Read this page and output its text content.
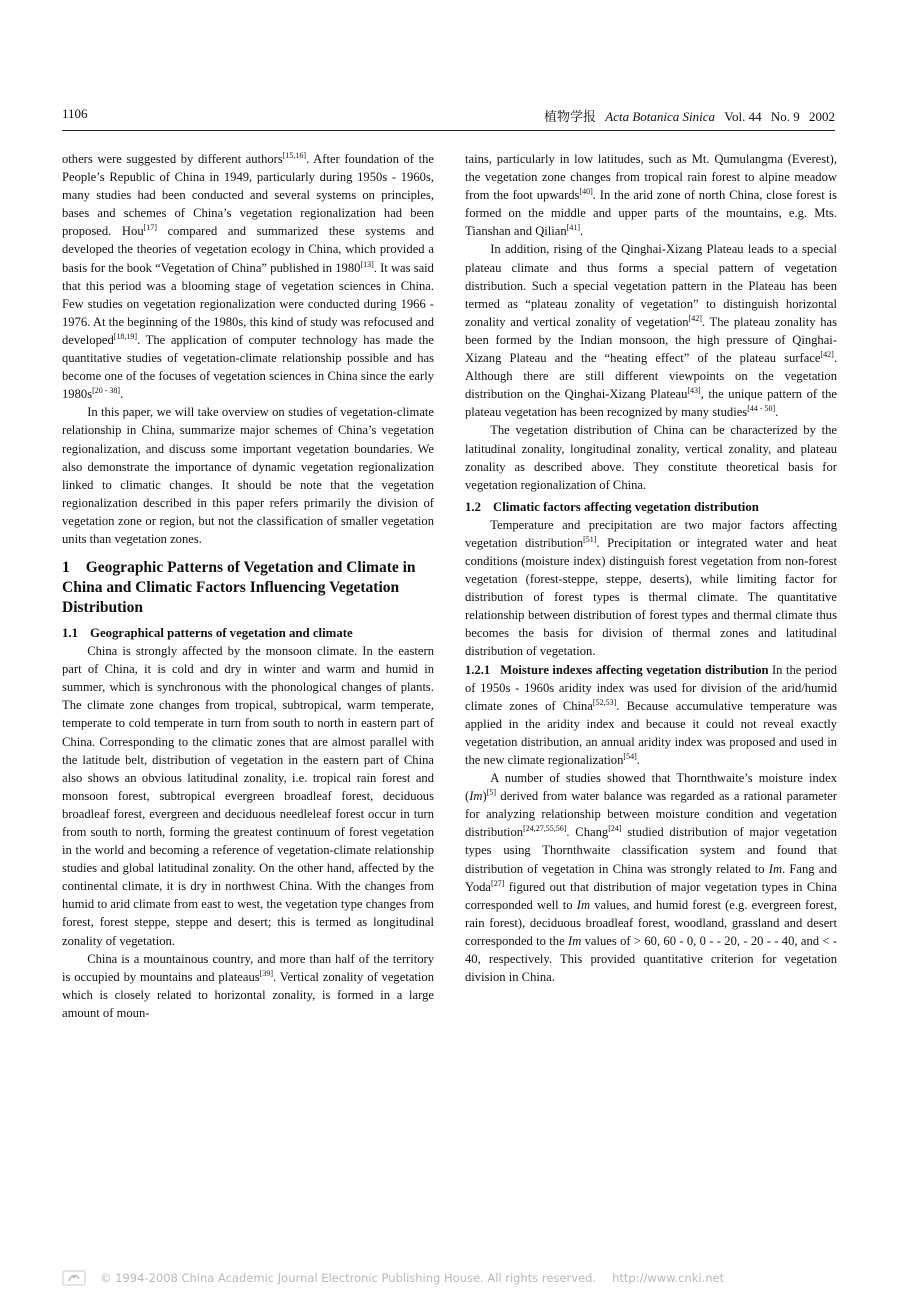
1106	植物学报 Acta Botanica Sinica Vol. 44 No. 9 2002

others were suggested by different authors[15,16]. After foundation of the People’s Republic of China in 1949, particularly during 1950s - 1960s, many studies had been conducted and several systems on principles, bases and schemes of China’s vegetation regionalization had been proposed. Hou[17] compared and summarized these systems and developed the theories of vegetation ecology in China, which provided a basis for the book “Vegetation of China” published in 1980[13]. It was said that this period was a blooming stage of vegetation sciences in China. Few studies on vegetation regionalization were conducted during 1966 - 1976. At the beginning of the 1980s, this kind of study was refocused and developed[18,19]. The application of computer technology has made the quantitative studies of vegetation-climate relationship possible and has become one of the focuses of vegetation sciences in China since the early 1980s[20 - 38].

In this paper, we will take overview on studies of vegetation-climate relationship in China, summarize major schemes of China’s vegetation regionalization, and discuss some important vegetation boundaries. We also demonstrate the importance of dynamic vegetation regionalization linked to climatic changes. It should be note that the vegetation regionalization described in this paper refers primarily the division of vegetation zone or region, but not the classification of smaller vegetation units than vegetation zones.

1 Geographic Patterns of Vegetation and Climate in China and Climatic Factors Influencing Vegetation Distribution
1.1 Geographical patterns of vegetation and climate

China is strongly affected by the monsoon climate. In the eastern part of China, it is cold and dry in winter and warm and humid in summer, which is synchronous with the phonological changes of plants. The climate zone changes from tropical, subtropical, warm temperate, temperate to cold temperate in turn from south to north in eastern part of China. Corresponding to the climatic zones that are almost parallel with the latitude belt, distribution of vegetation in the eastern part of China also shows an obvious latitudinal zonality, i.e. tropical rain forest and monsoon forest, subtropical evergreen broadleaf forest, deciduous broadleaf forest, evergreen and deciduous needleleaf forest occur in turn from south to north, forming the greatest continuum of forest vegetation in the world and becoming a reference of vegetation-climate relationship studies and global latitudinal zonality. On the other hand, affected by the continental climate, it is dry in northwest China. With the changes from humid to arid climate from east to west, the vegetation type changes from forest, forest steppe, steppe and desert; this is termed as longitudinal zonality of vegetation.

China is a mountainous country, and more than half of the territory is occupied by mountains and plateaus[39]. Vertical zonality of vegetation which is closely related to horizontal zonality, is formed in a large amount of moun-

tains, particularly in low latitudes, such as Mt. Qumulangma (Everest), the vegetation zone changes from tropical rain forest to alpine meadow from the foot upwards[40]. In the arid zone of north China, close forest is formed on the middle and upper parts of the mountains, e.g. Mts. Tianshan and Qilian[41].

In addition, rising of the Qinghai-Xizang Plateau leads to a special plateau climate and thus forms a special pattern of vegetation distribution. Such a special vegetation pattern in the Plateau has been termed as “plateau zonality of vegetation” to distinguish horizontal zonality and vertical zonality of vegetation[42]. The plateau zonality has been formed by the Indian monsoon, the high pressure of Qinghai-Xizang Plateau and the “heating effect” of the plateau surface[42]. Although there are still different viewpoints on the vegetation distribution on the Qinghai-Xizang Plateau[43], the unique pattern of the plateau vegetation has been recognized by many studies[44 - 50].

The vegetation distribution of China can be characterized by the latitudinal zonality, longitudinal zonality, vertical zonality, and plateau zonality as described above. They constitute theoretical basis for vegetation regionalization of China.

1.2 Climatic factors affecting vegetation distribution

Temperature and precipitation are two major factors affecting vegetation distribution[51]. Precipitation or integrated water and heat conditions (moisture index) distinguish forest vegetation from non-forest vegetation (forest-steppe, steppe, deserts), while limiting factor for distribution of forest types is thermal climate. The quantitative relationship between distribution of forest types and thermal climate thus becomes the basis for division of thermal zones and latitudinal distribution of vegetation.

1.2.1 Moisture indexes affecting vegetation distribution In the period of 1950s - 1960s aridity index was used for division of the arid/humid climate zones of China[52,53]. Because accumulative temperature was applied in the aridity index and because it could not reveal exactly vegetation distribution, an annual aridity index was proposed and used in the new climate regionalization[54].

A number of studies showed that Thornthwaite’s moisture index (Im)[5] derived from water balance was regarded as a rational parameter for analyzing relationship between moisture condition and vegetation distribution[24,27,55,56]. Chang[24] studied distribution of major vegetation types using Thornthwaite classification system and found that distribution of vegetation in China was strongly related to Im. Fang and Yoda[27] figured out that distribution of major vegetation types in China corresponded well to Im values, and humid forest (e.g. evergreen forest, rain forest), deciduous broadleaf forest, woodland, grassland and desert corresponded to the Im values of > 60, 60 - 0, 0 - - 20, - 20 - - 40, and < - 40, respectively. This provided quantitative criterion for vegetation division in China.

© 1994-2008 China Academic Journal Electronic Publishing House. All rights reserved. http://www.cnki.net
